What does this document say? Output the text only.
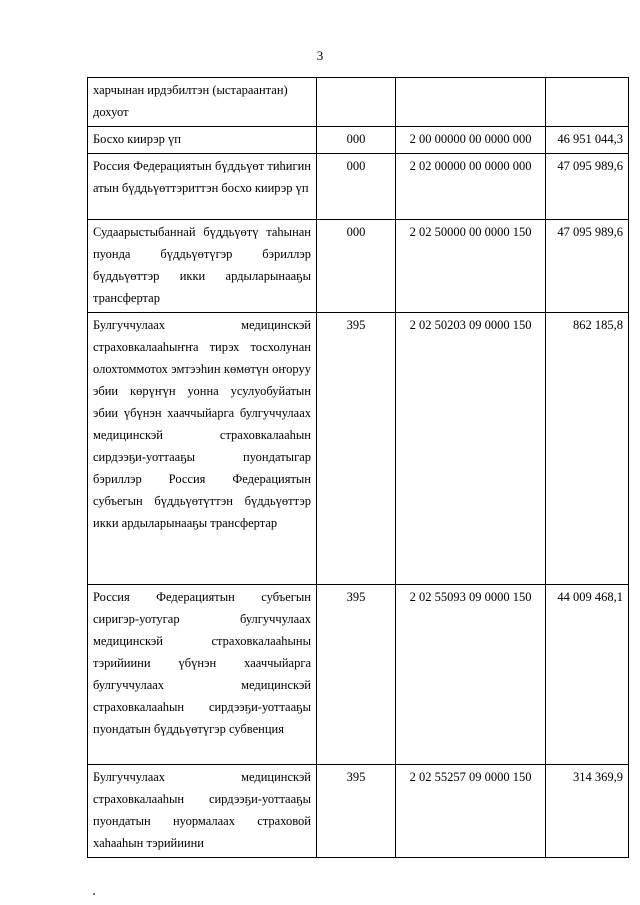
3
харчынан ирдэбилтэн (ыстараантан)
дохуот			

Босхо киирэр үп	000	2 00 00000 00 0000 000	46 951 044,3

Россия Федерациятын бүддьүөт тиһигин атын бүддьүөттэриттэн босхо киирэр үп	000	2 02 00000 00 0000 000	47 095 989,6

Судаарыстыбаннай бүддьүөтү таһынан пуонда бүддьүөтүгэр бэриллэр бүддьүөттэр икки ардыларынааҕы трансфертар	000	2 02 50000 00 0000 150	47 095 989,6

Булгуччулаах медицинскэй страховкалааһыҥҥа тирэх тосхолунан олохтоммотох эмтээһин көмөтүн оҥоруу эбии көрүҥүн уонна усулуобуйатын эбии үбүнэн хааччыйарга булгуччулаах медицинскэй страховкалааһын сирдээҕи-уоттааҕы пуондатыгар бэриллэр Россия Федерациятын субъегын бүддьүөтүттэн бүддьүөттэр икки ардыларынааҕы трансфертар	395	2 02 50203 09 0000 150	862 185,8

Россия Федерациятын субъегын сиригэр-уотугар булгуччулаах медицинскэй страховкалааһыны тэрийиини үбүнэн хааччыйарга булгуччулаах медицинскэй страховкалааһын сирдээҕи-уоттааҕы пуондатын бүддьүөтүгэр субвенция	395	2 02 55093 09 0000 150	44 009 468,1

Булгуччулаах медицинскэй страховкалааһын сирдээҕи-уоттааҕы пуондатын нуормалаах страховой хаһааһын тэрийиини	395	2 02 55257 09 0000 150	314 369,9
